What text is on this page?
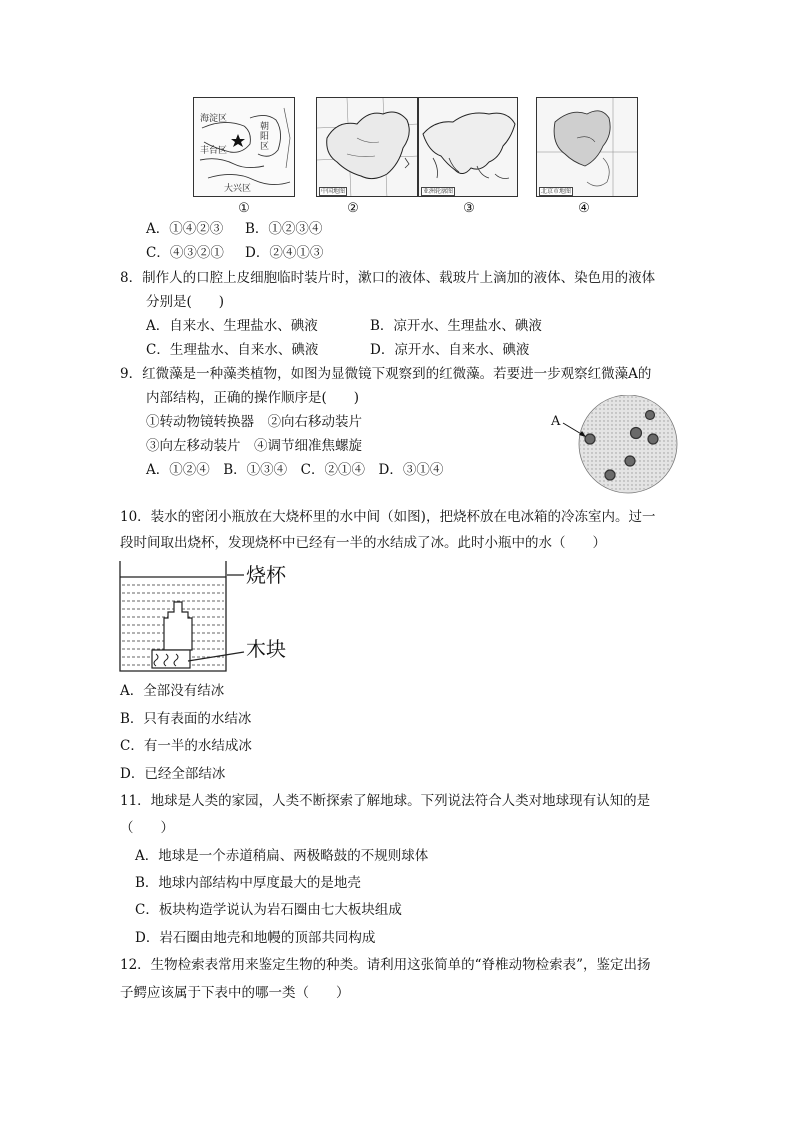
海淀区
朝阳区
丰台区
大兴区	中国地图	亚洲轮廓图	北京市地图
①	②	③	④
A．①④②③ B．①②③④
C．④③②① D．②④①③
8．制作人的口腔上皮细胞临时装片时，漱口的液体、载玻片上滴加的液体、染色用的液体
分别是(　　)
A．自来水、生理盐水、碘液	B．凉开水、生理盐水、碘液
C．生理盐水、自来水、碘液	D．凉开水、自来水、碘液
9．红微藻是一种藻类植物，如图为显微镜下观察到的红微藻。若要进一步观察红微藻A的
内部结构，正确的操作顺序是(　　)
①转动物镜转换器　②向右移动装片
③向左移动装片　④调节细准焦螺旋
A．①②④　B．①③④　C．②①④　D．③①④
A
10．装水的密闭小瓶放在大烧杯里的水中间（如图)，把烧杯放在电冰箱的冷冻室内。过一
段时间取出烧杯，发现烧杯中已经有一半的水结成了冰。此时小瓶中的水（　　）
烧杯
木块
A．全部没有结冰
B．只有表面的水结冰
C．有一半的水结成冰
D．已经全部结冰
11．地球是人类的家园，人类不断探索了解地球。下列说法符合人类对地球现有认知的是
（　　）
A．地球是一个赤道稍扁、两极略鼓的不规则球体
B．地球内部结构中厚度最大的是地壳
C．板块构造学说认为岩石圈由七大板块组成
D．岩石圈由地壳和地幔的顶部共同构成
12．生物检索表常用来鉴定生物的种类。请利用这张简单的“脊椎动物检索表”，鉴定出扬
子鳄应该属于下表中的哪一类（　　）
